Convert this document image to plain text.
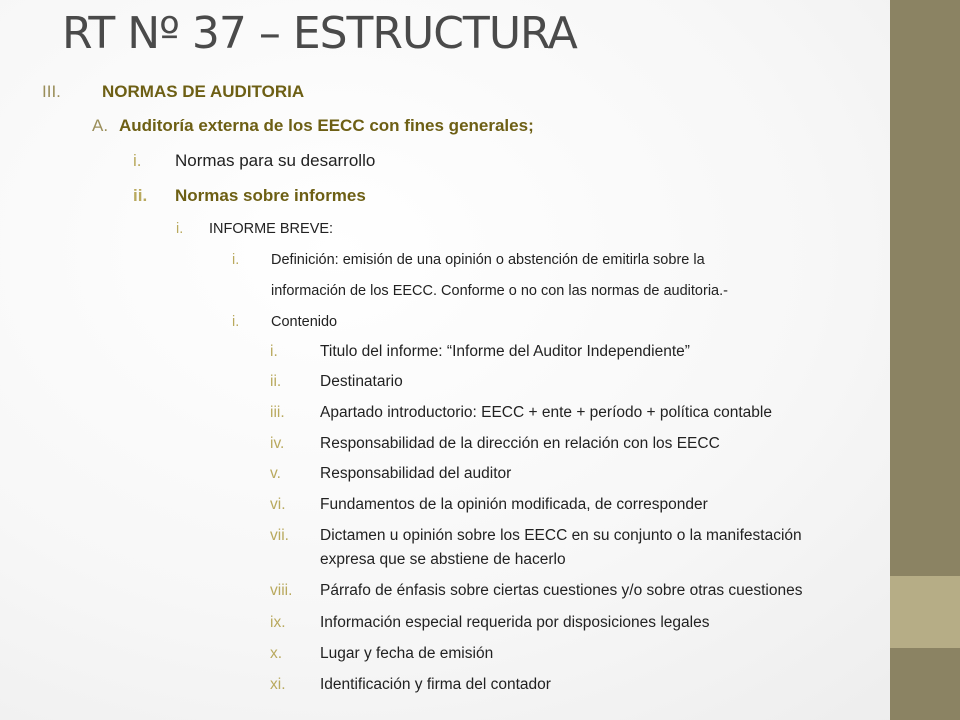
RT Nº 37 – ESTRUCTURA
III. NORMAS DE AUDITORIA
A. Auditoría externa de los EECC con fines generales;
i. Normas para su desarrollo
ii. Normas sobre informes
i. INFORME BREVE:
i. Definición: emisión de una opinión o abstención de emitirla sobre la
información de los EECC. Conforme o no con las normas de auditoria.-
i. Contenido
i.	Titulo del informe: “Informe del Auditor Independiente”
ii.	Destinatario
iii. Apartado introductorio: EECC + ente + período + política contable
iv. Responsabilidad de la dirección en relación con los EECC
v.	Responsabilidad del auditor
vi. Fundamentos de la opinión modificada, de corresponder
vii. Dictamen u opinión sobre los EECC en su conjunto o la manifestación
expresa que se abstiene de hacerlo
viii. Párrafo de énfasis sobre ciertas cuestiones y/o sobre otras cuestiones
ix. Información especial requerida por disposiciones legales
x. Lugar y fecha de emisión
xi. Identificación y firma del contador
